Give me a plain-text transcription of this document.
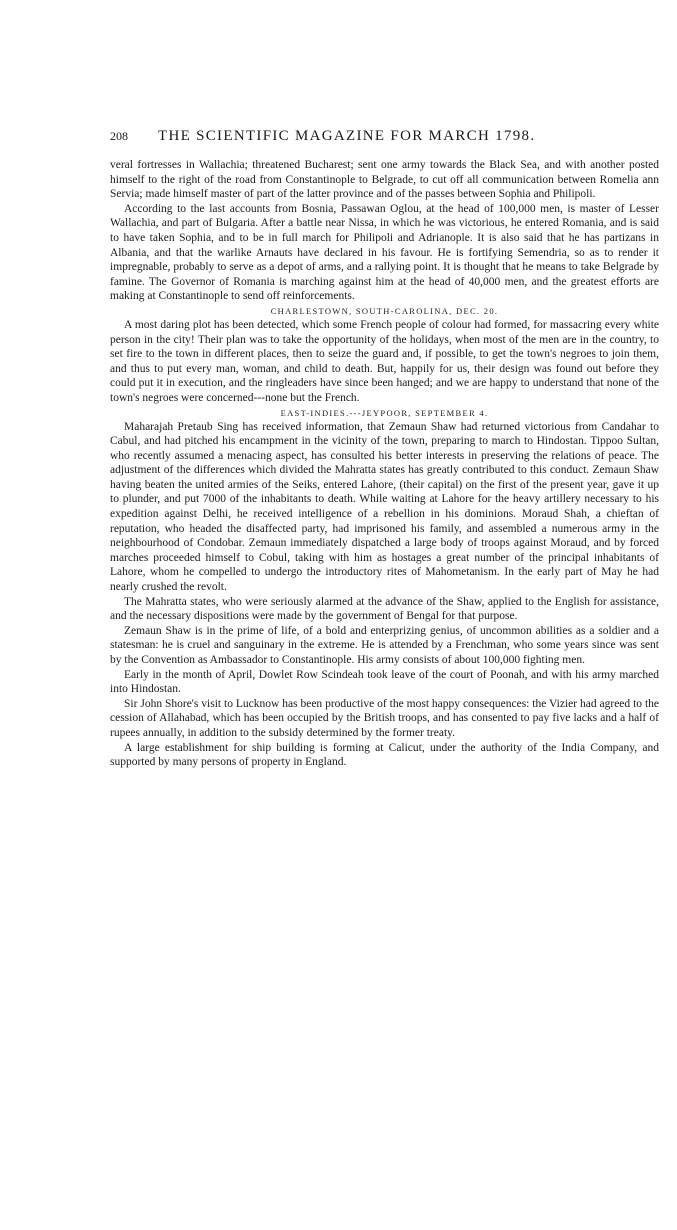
208	THE SCIENTIFIC MAGAZINE FOR MARCH 1798.

veral fortresses in Wallachia; threatened Bucharest; sent one army towards the Black Sea, and with another posted himself to the right of the road from Constantinople to Belgrade, to cut off all communication between Romelia ann Servia; made himself master of part of the latter province and of the passes between Sophia and Philipoli.

According to the last accounts from Bosnia, Passawan Oglou, at the head of 100,000 men, is master of Lesser Wallachia, and part of Bulgaria. After a battle near Nissa, in which he was victorious, he entered Romania, and is said to have taken Sophia, and to be in full march for Philipoli and Adrianople. It is also said that he has partizans in Albania, and that the warlike Arnauts have declared in his favour. He is fortifying Semendria, so as to render it impregnable, probably to serve as a depot of arms, and a rallying point. It is thought that he means to take Belgrade by famine. The Governor of Romania is marching against him at the head of 40,000 men, and the greatest efforts are making at Constantinople to send off reinforcements.

CHARLESTOWN, SOUTH-CAROLINA, DEC. 20.

A most daring plot has been detected, which some French people of colour had formed, for massacring every white person in the city! Their plan was to take the opportunity of the holidays, when most of the men are in the country, to set fire to the town in different places, then to seize the guard and, if possible, to get the town's negroes to join them, and thus to put every man, woman, and child to death. But, happily for us, their design was found out before they could put it in execution, and the ringleaders have since been hanged; and we are happy to understand that none of the town's negroes were concerned---none but the French.

EAST-INDIES.---JEYPOOR, SEPTEMBER 4.

Maharajah Pretaub Sing has received information, that Zemaun Shaw had returned victorious from Candahar to Cabul, and had pitched his encampment in the vicinity of the town, preparing to march to Hindostan. Tippoo Sultan, who recently assumed a menacing aspect, has consulted his better interests in preserving the relations of peace. The adjustment of the differences which divided the Mahratta states has greatly contributed to this conduct. Zemaun Shaw having beaten the united armies of the Seiks, entered Lahore, (their capital) on the first of the present year, gave it up to plunder, and put 7000 of the inhabitants to death. While waiting at Lahore for the heavy artillery necessary to his expedition against Delhi, he received intelligence of a rebellion in his dominions. Moraud Shah, a chieftan of reputation, who headed the disaffected party, had imprisoned his family, and assembled a numerous army in the neighbourhood of Condobar. Zemaun immediately dispatched a large body of troops against Moraud, and by forced marches proceeded himself to Cobul, taking with him as hostages a great number of the principal inhabitants of Lahore, whom he compelled to undergo the introductory rites of Mahometanism. In the early part of May he had nearly crushed the revolt.

The Mahratta states, who were seriously alarmed at the advance of the Shaw, applied to the English for assistance, and the necessary dispositions were made by the government of Bengal for that purpose.

Zemaun Shaw is in the prime of life, of a bold and enterprizing genius, of uncommon abilities as a soldier and a statesman: he is cruel and sanguinary in the extreme. He is attended by a Frenchman, who some years since was sent by the Convention as Ambassador to Constantinople. His army consists of about 100,000 fighting men.

Early in the month of April, Dowlet Row Scindeah took leave of the court of Poonah, and with his army marched into Hindostan.

Sir John Shore's visit to Lucknow has been productive of the most happy consequences: the Vizier had agreed to the cession of Allahabad, which has been occupied by the British troops, and has consented to pay five lacks and a half of rupees annually, in addition to the subsidy determined by the former treaty.

A large establishment for ship building is forming at Calicut, under the authority of the India Company, and supported by many persons of property in England.
